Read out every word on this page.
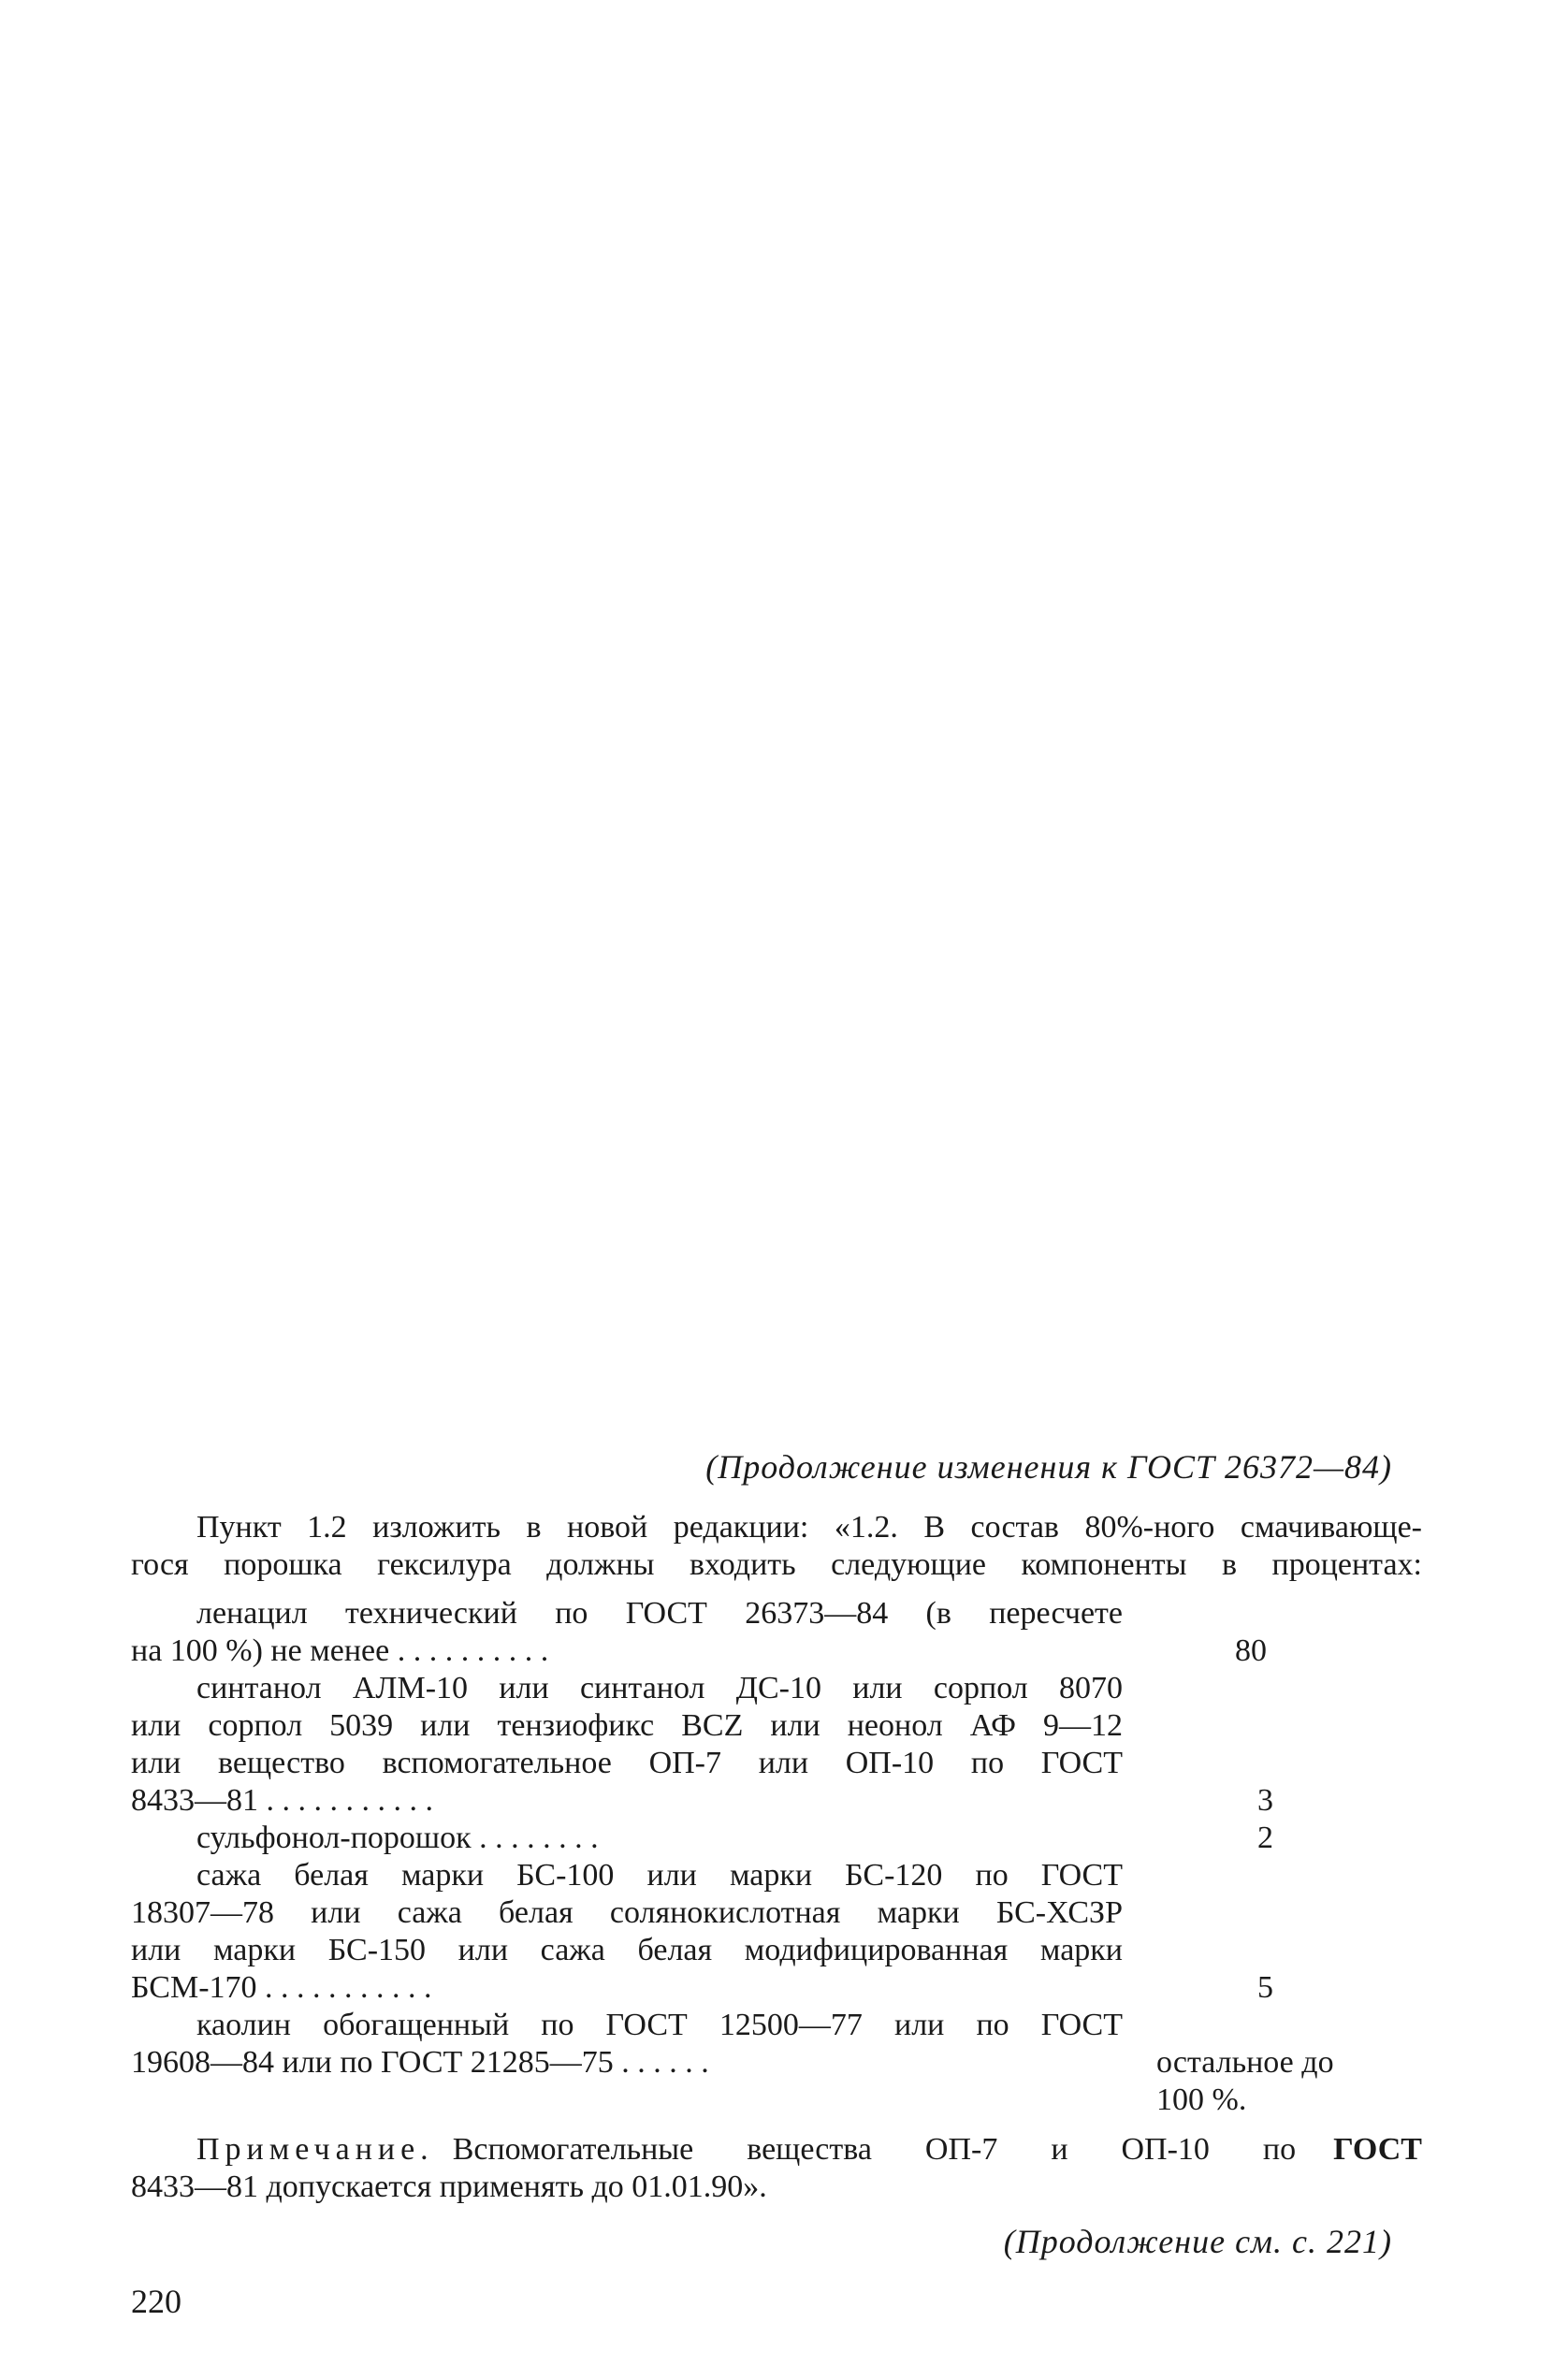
(Продолжение изменения к ГОСТ 26372—84)
Пункт 1.2 изложить в новой редакции: «1.2. В состав 80%-ного смачивающе-
гося порошка гексилура должны входить следующие компоненты в процентах:
ленацил технический по ГОСТ 26373—84 (в пересчете
на 100 %) не менее . . . . . . . . . .	80
синтанол АЛМ-10 или синтанол ДС-10 или сорпол 8070
или сорпол 5039 или тензиофикс BCZ или неонол АФ 9—12
или вещество вспомогательное ОП-7 или ОП-10 по ГОСТ
8433—81 . . . . . . . . . . .	3
сульфонол-порошок . . . . . . . .	2
сажа белая марки БС-100 или марки БС-120 по ГОСТ
18307—78 или сажа белая солянокислотная марки БС-ХСЗР
или марки БС-150 или сажа белая модифицированная марки
БСМ-170 . . . . . . . . . . .	5
каолин обогащенный по ГОСТ 12500—77 или по ГОСТ
19608—84 или по ГОСТ 21285—75 . . . . . .	остальное до
100 %.
Примечание. Вспомогательные вещества ОП-7 и ОП-10 по ГОСТ
8433—81 допускается применять до 01.01.90».
(Продолжение см. с. 221)
220
